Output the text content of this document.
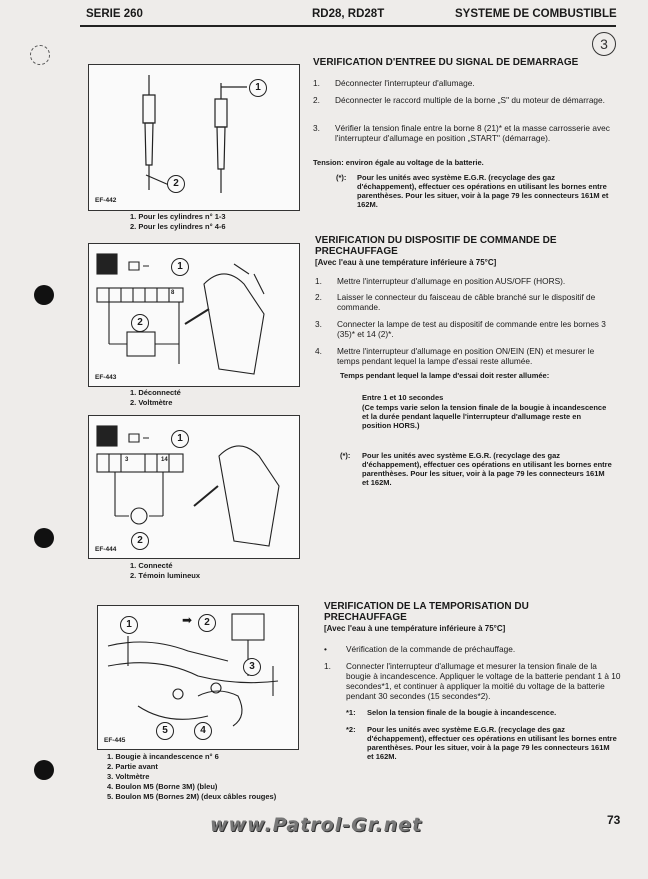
SERIE 260	RD28, RD28T	SYSTEME DE COMBUSTIBLE
3
1
2
EF-442
1. Pour les cylindres n° 1-3
2. Pour les cylindres n° 4-6
1
2
8
EF-443
1. Déconnecté
2. Voltmètre
1
2
3	14
EF-444
1. Connecté
2. Témoin lumineux
1	➡	2
3
4
5
EF-445
1. Bougie à incandescence n° 6
2. Partie avant
3. Voltmètre
4. Boulon M5 (Borne 3M) (bleu)
5. Boulon M5 (Bornes 2M) (deux câbles rouges)
VERIFICATION D'ENTREE DU SIGNAL DE DEMARRAGE
1. Déconnecter l'interrupteur d'allumage.
2. Déconnecter le raccord multiple de la borne „S" du moteur de démarrage.
3. Vérifier la tension finale entre la borne 8 (21)* et la masse carrosserie avec l'interrupteur d'allumage en position „START" (démarrage).
Tension: environ égale au voltage de la batterie.
(*): Pour les unités avec système E.G.R. (recyclage des gaz d'échappement), effectuer ces opérations en utilisant les bornes entre parenthèses. Pour les situer, voir à la page 79 les connecteurs 161M et 162M.
VERIFICATION DU DISPOSITIF DE COMMANDE DE PRECHAUFFAGE
[Avec l'eau à une température inférieure à 75°C]
1. Mettre l'interrupteur d'allumage en position AUS/OFF (HORS).
2. Laisser le connecteur du faisceau de câble branché sur le dispositif de commande.
3. Connecter la lampe de test au dispositif de commande entre les bornes 3 (35)* et 14 (2)*.
4. Mettre l'interrupteur d'allumage en position ON/EIN (EN) et mesurer le temps pendant lequel la lampe d'essai reste allumée.
Temps pendant lequel la lampe d'essai doit rester allumée:
Entre 1 et 10 secondes
(Ce temps varie selon la tension finale de la bougie à incandescence et la durée pendant laquelle l'interrupteur d'allumage reste en position HORS.)
(*): Pour les unités avec système E.G.R. (recyclage des gaz d'échappement), effectuer ces opérations en utilisant les bornes entre parenthèses. Pour les situer, voir à la page 79 les connecteurs 161M et 162M.
VERIFICATION DE LA TEMPORISATION DU PRECHAUFFAGE
[Avec l'eau à une température inférieure à 75°C]
• Vérification de la commande de préchauffage.
1. Connecter l'interrupteur d'allumage et mesurer la tension finale de la bougie à incandescence. Appliquer le voltage de la batterie pendant 1 à 10 secondes*1, et continuer à appliquer la moitié du voltage de la batterie pendant 30 secondes (15 secondes*2).
*1: Selon la tension finale de la bougie à incandescence.
*2: Pour les unités avec système E.G.R. (recyclage des gaz d'échappement), effectuer ces opérations en utilisant les bornes entre parenthèses. Pour les situer, voir à la page 79 les connecteurs 161M et 162M.
www.Patrol-Gr.net	73
